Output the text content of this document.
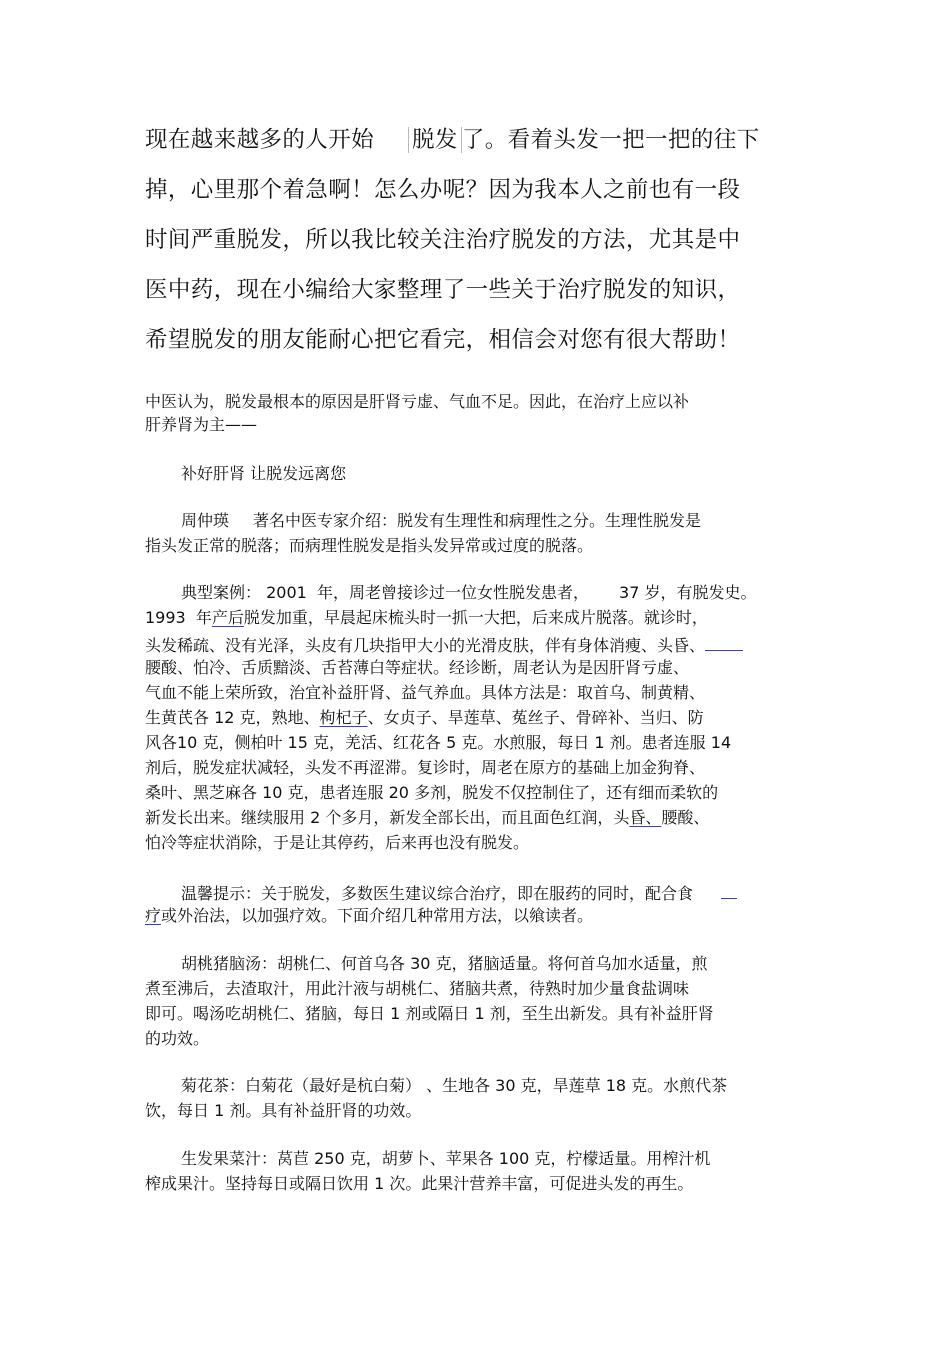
现在越来越多的人开始 脱发 了。看着头发一把一把的往下

掉，心里那个着急啊！怎么办呢？因为我本人之前也有一段

时间严重脱发，所以我比较关注治疗脱发的方法，尤其是中

医中药，现在小编给大家整理了一些关于治疗脱发的知识，

希望脱发的朋友能耐心把它看完，相信会对您有很大帮助！

中医认为，脱发最根本的原因是肝肾亏虚、气血不足。因此，在治疗上应以补

肝养肾为主——

补好肝肾 让脱发远离您

周仲瑛 著名中医专家介绍：脱发有生理性和病理性之分。生理性脱发是

指头发正常的脱落；而病理性脱发是指头发异常或过度的脱落。

典型案例： 2001 年，周老曾接诊过一位女性脱发患者， 37 岁，有脱发史。

1993 年产后脱发加重，早晨起床梳头时一抓一大把，后来成片脱落。就诊时，

头发稀疏、没有光泽，头皮有几块指甲大小的光滑皮肤，伴有身体消瘦、头昏、

腰酸、怕冷、舌质黯淡、舌苔薄白等症状。经诊断，周老认为是因肝肾亏虚、

气血不能上荣所致，治宜补益肝肾、益气养血。具体方法是：取首乌、制黄精、

生黄芪各 12 克，熟地、枸杞子、女贞子、旱莲草、菟丝子、骨碎补、当归、防

风各10 克，侧柏叶 15 克，羌活、红花各 5 克。水煎服，每日 1 剂。患者连服 14

剂后，脱发症状减轻，头发不再涩滞。复诊时，周老在原方的基础上加金狗脊、

桑叶、黑芝麻各 10 克，患者连服 20 多剂，脱发不仅控制住了，还有细而柔软的

新发长出来。继续服用 2 个多月，新发全部长出，而且面色红润，头昏、腰酸、

怕冷等症状消除，于是让其停药，后来再也没有脱发。

温馨提示：关于脱发，多数医生建议综合治疗，即在服药的同时，配合食

疗或外治法，以加强疗效。下面介绍几种常用方法，以飨读者。

胡桃猪脑汤：胡桃仁、何首乌各 30 克，猪脑适量。将何首乌加水适量，煎

煮至沸后，去渣取汁，用此汁液与胡桃仁、猪脑共煮，待熟时加少量食盐调味

即可。喝汤吃胡桃仁、猪脑，每日 1 剂或隔日 1 剂，至生出新发。具有补益肝肾

的功效。

菊花茶：白菊花（最好是杭白菊） 、生地各 30 克，旱莲草 18 克。水煎代茶

饮，每日 1 剂。具有补益肝肾的功效。

生发果菜汁：莴苣 250 克，胡萝卜、苹果各 100 克，柠檬适量。用榨汁机

榨成果汁。坚持每日或隔日饮用 1 次。此果汁营养丰富，可促进头发的再生。
